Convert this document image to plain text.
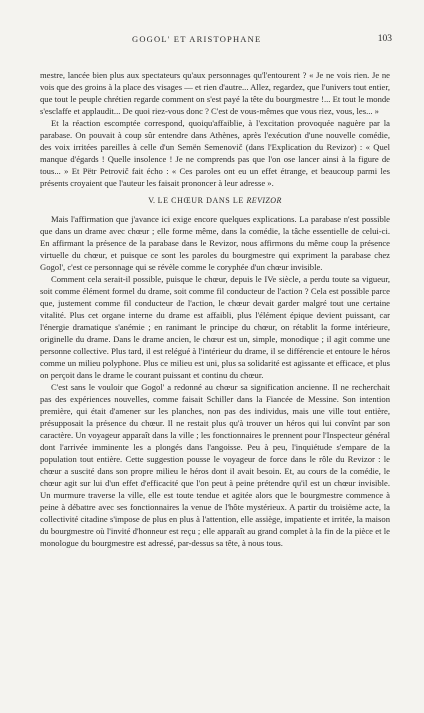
GOGOL' ET ARISTOPHANE	103

mestre, lancée bien plus aux spectateurs qu'aux personnages qu'l'entourent ? « Je ne vois rien. Je ne vois que des groins à la place des visages — et rien d'autre... Allez, regardez, que l'univers tout entier, que tout le peuple chrétien regarde comment on s'est payé la tête du bourgmestre !... Et tout le monde s'esclaffe et applaudit... De quoi riez-vous donc ? C'est de vous-mêmes que vous riez, vous, les... »

Et la réaction escomptée correspond, quoiqu'affaiblie, à l'excitation provoquée naguère par la parabase. On pouvait à coup sûr entendre dans Athènes, après l'exécution d'une nouvelle comédie, des voix irritées pareilles à celle d'un Semën Semenovič (dans l'Explication du Revizor) : « Quel manque d'égards ! Quelle insolence ! Je ne comprends pas que l'on ose lancer ainsi à la figure de tous... » Et Pëtr Petrovič fait écho : « Ces paroles ont eu un effet étrange, et beaucoup parmi les présents croyaient que l'auteur les faisait prononcer à leur adresse ».

V. LE CHŒUR DANS LE REVIZOR

Mais l'affirmation que j'avance ici exige encore quelques explications. La parabase n'est possible que dans un drame avec chœur ; elle forme même, dans la comédie, la tâche essentielle de celui-ci. En affirmant la présence de la parabase dans le Revizor, nous affirmons du même coup la présence virtuelle du chœur, et puisque ce sont les paroles du bourgmestre qui expriment la parabase chez Gogol', c'est ce personnage qui se révèle comme le coryphée d'un chœur invisible.

Comment cela serait-il possible, puisque le chœur, depuis le IVe siècle, a perdu toute sa vigueur, soit comme élément formel du drame, soit comme fil conducteur de l'action ? Cela est possible parce que, justement comme fil conducteur de l'action, le chœur devait garder malgré tout une certaine vitalité. Plus cet organe interne du drame est affaibli, plus l'élément épique devient puissant, car l'énergie dramatique s'anémie ; en ranimant le principe du chœur, on rétablit la forme intérieure, originelle du drame. Dans le drame ancien, le chœur est un, simple, monodique ; il agit comme une personne collective. Plus tard, il est relégué à l'intérieur du drame, il se différencie et entoure le héros comme un milieu polyphone. Plus ce milieu est uni, plus sa solidarité est agissante et efficace, et plus on perçoit dans le drame le courant puissant et continu du chœur.

C'est sans le vouloir que Gogol' a redonné au chœur sa signification ancienne. Il ne recherchait pas des expériences nouvelles, comme faisait Schiller dans la Fiancée de Messine. Son intention première, qui était d'amener sur les planches, non pas des individus, mais une ville tout entière, présupposait la présence du chœur. Il ne restait plus qu'à trouver un héros qui lui convînt par son caractère. Un voyageur apparaît dans la ville ; les fonctionnaires le prennent pour l'Inspecteur général dont l'arrivée imminente les a plongés dans l'angoisse. Peu à peu, l'inquiétude s'empare de la population tout entière. Cette suggestion pousse le voyageur de force dans le rôle du Revizor : le chœur a suscité dans son propre milieu le héros dont il avait besoin. Et, au cours de la comédie, le chœur agit sur lui d'un effet d'efficacité que l'on peut à peine prétendre qu'il est un chœur invisible. Un murmure traverse la ville, elle est toute tendue et agitée alors que le bourgmestre commence à peine à débattre avec ses fonctionnaires la venue de l'hôte mystérieux. A partir du troisième acte, la collectivité citadine s'impose de plus en plus à l'attention, elle assiège, impatiente et irritée, la maison du bourgmestre où l'invité d'honneur est reçu ; elle apparaît au grand complet à la fin de la pièce et le monologue du bourgmestre est adressé, par-dessus sa tête, à nous tous.
